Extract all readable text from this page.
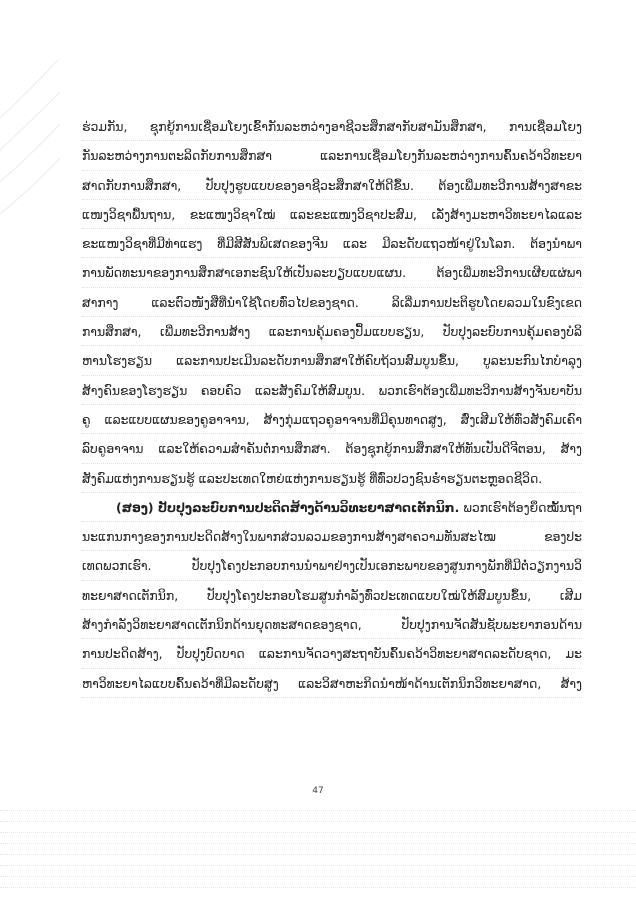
ຮ່ວມກັນ, ຊຸກຍູ້ການເຊື່ອມໂຍງເຂົ້າກັນລະຫວ່າງອາຊີວະສຶກສາກັບສາມັນສຶກສາ, ການເຊື່ອມໂຍງ
ກັນລະຫວ່າງການຕະລິດກັບການສຶກສາ ແລະການເຊື່ອມໂຍງກັນລະຫວ່າງການຄົ້ນຄວ້າວິທະຍາ
ສາດກັບການສຶກສາ, ປັບປຸງຮູບແບບຂອງອາຊີວະສຶກສາໃຫ້ດີຂຶ້ນ. ຕ້ອງເພີ່ມທະວີການສ້າງສາຂະ
ແໜງວິຊາພື້ນຖານ, ຂະແໜງວິຊາໃໝ່ ແລະຂະແໜງວິຊາປະສົມ, ເລັ່ງສ້າງມະຫາວິທະຍາໄລແລະ
ຂະແໜງວິຊາທີ່ມີທ່າແຮງ ທີ່ມີສີສັນພິເສດຂອງຈີນ ແລະ ມີລະດັບແຖວໜ້າຢູ່ໃນໂລກ. ຕ້ອງນຳພາ
ການພັດທະນາຂອງການສຶກສາເອກະຊົນໃຫ້ເປັນລະບຽບແບບແຜນ. ຕ້ອງເພີ່ມທະວີການເຜີຍແຜ່ພາ
ສາກາງ ແລະຕົວໜັງສືທີ່ນຳໃຊ້ໂດຍທົ່ວໄປຂອງຊາດ. ລິເລີ່ມການປະຕິຮູບໂດຍລວມໃນຂົງເຂດ
ການສຶກສາ, ເພີ່ມທະວີການສ້າງ ແລະການຄຸ້ມຄອງປຶ້ມແບບຮຽນ, ປັບປຸງລະບົບການຄຸ້ມຄອງບໍລິ
ຫານໂຮງຮຽນ ແລະການປະເມີນລະດັບການສຶກສາໃຫ້ຄົບຖ້ວນສົມບູນຂຶ້ນ, ບູລະນະກົນໄກບໍາລຸງ
ສ້າງຄົນຂອງໂຮງຮຽນ ຄອບຄົວ ແລະສັງຄົມໃຫ້ສົມບູນ. ພວກເຮົາຕ້ອງເພີ່ມທະວີການສ້າງຈັນຍາບັນ
ຄູ ແລະແບບແຜນຂອງຄູອາຈານ, ສ້າງກຸ່ມແຖວຄູອາຈານທີ່ມີຄຸນທາດສູງ, ສົ່ງເສີມໃຫ້ທົ່ວສັງຄົມເຄົາ
ລົບຄູອາຈານ ແລະໃຫ້ຄວາມສຳຄັນຕໍ່ການສຶກສາ. ຕ້ອງຊຸກຍູ້ການສຶກສາໃຫ້ທັນເປັນດີຈີຕອນ, ສ້າງ
ສັງຄົມແຫ່ງການຮຽນຮູ້ ແລະປະເທດໃຫຍ່ແຫ່ງການຮຽນຮູ້ ທີ່ທົ່ວປວງຊົນຮ່ຳຮຽນຕະຫຼອດຊີວິດ.
(ສອງ) ປັບປຸງລະບົບການປະດິດສ້າງດ້ານວິທະຍາສາດເຕັກນິກ. ພວກເຮົາຕ້ອງຍຶດໝັ້ນຖາ
ນະແກນກາງຂອງການປະດິດສ້າງໃນພາກສ່ວນລວມຂອງການສ້າງສາຄວາມທັນສະໄໝ ຂອງປະ
ເທດພວກເຮົາ. ປັບປຸງໂຄງປະກອບການນຳພາຢ່າງເປັນເອກະພາບຂອງສູນກາງພັກທີ່ມີຕໍ່ວຽກງານວິ
ທະຍາສາດເຕັກນິກ, ປັບປຸງໂຄງປະກອບໂຮມສູນກຳລັງທົ່ວປະເທດແບບໃໝ່ໃຫ້ສົມບູນຂຶ້ນ, ເສີມ
ສ້າງກຳລັງວິທະຍາສາດເຕັກນິກດ້ານຍຸດທະສາດຂອງຊາດ, ປັບປຸງການຈັດສັນຊັບພະຍາກອນດ້ານ
ການປະດິດສ້າງ, ປັບປຸງບົດບາດ ແລະການຈັດວາງສະຖາບັນຄົ້ນຄວ້າວິທະຍາສາດລະດັບຊາດ, ມະ
ຫາວິທະຍາໄລແບບຄົ້ນຄວ້າທີ່ມີລະດັບສູງ ແລະວິສາຫະກິດນຳໜ້າດ້ານເຕັກນິກວິທະຍາສາດ, ສ້າງ
47
